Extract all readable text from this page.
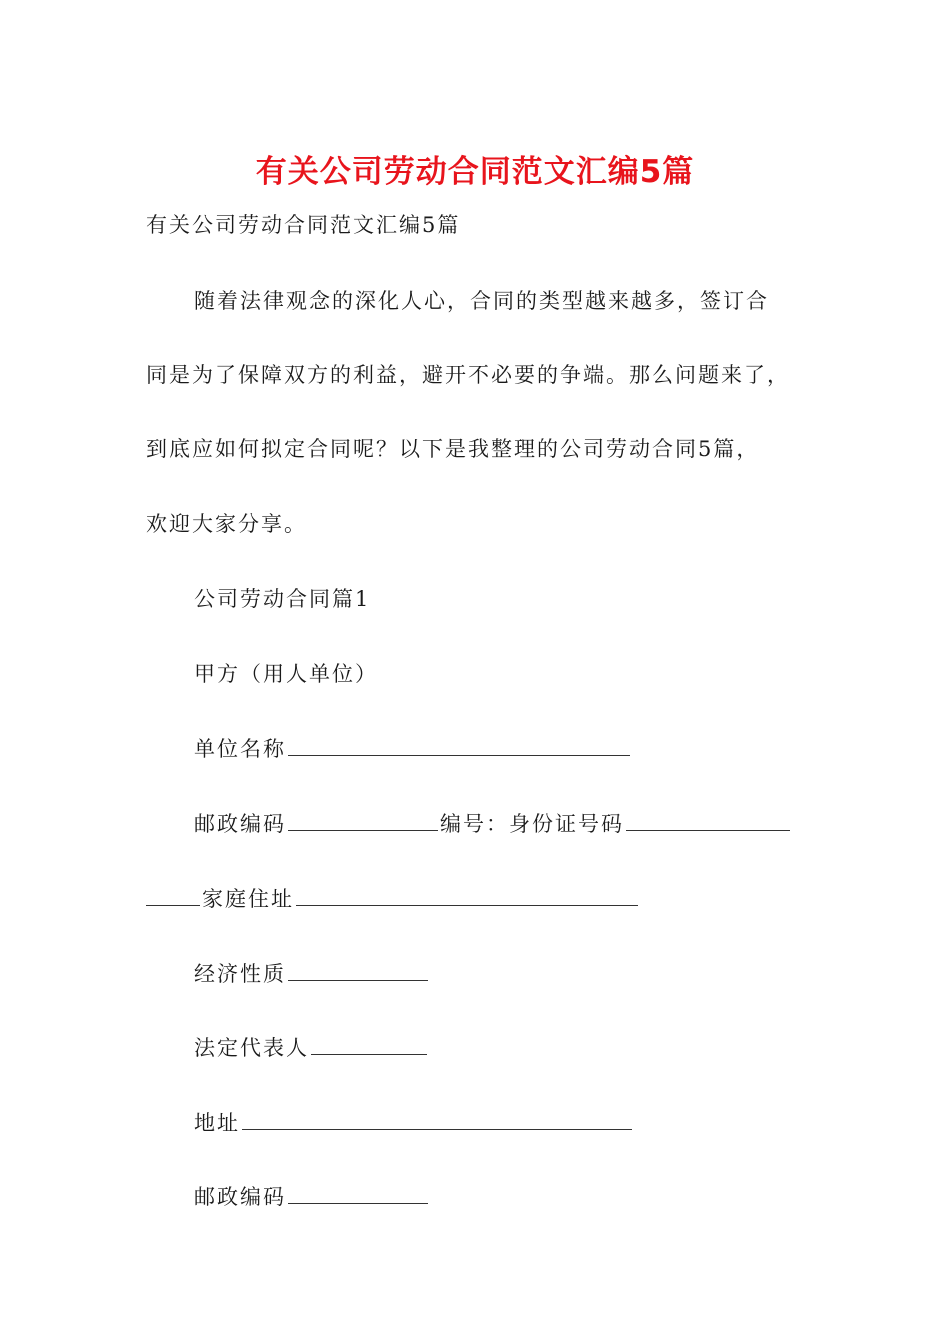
有关公司劳动合同范文汇编5篇

有关公司劳动合同范文汇编5篇

随着法律观念的深化人心，合同的类型越来越多，签订合

同是为了保障双方的利益，避开不必要的争端。那么问题来了，

到底应如何拟定合同呢？以下是我整理的公司劳动合同5篇，

欢迎大家分享。

公司劳动合同篇1

甲方（用人单位）

单位名称

邮政编码	编号：身份证号码

家庭住址

经济性质

法定代表人

地址

邮政编码
